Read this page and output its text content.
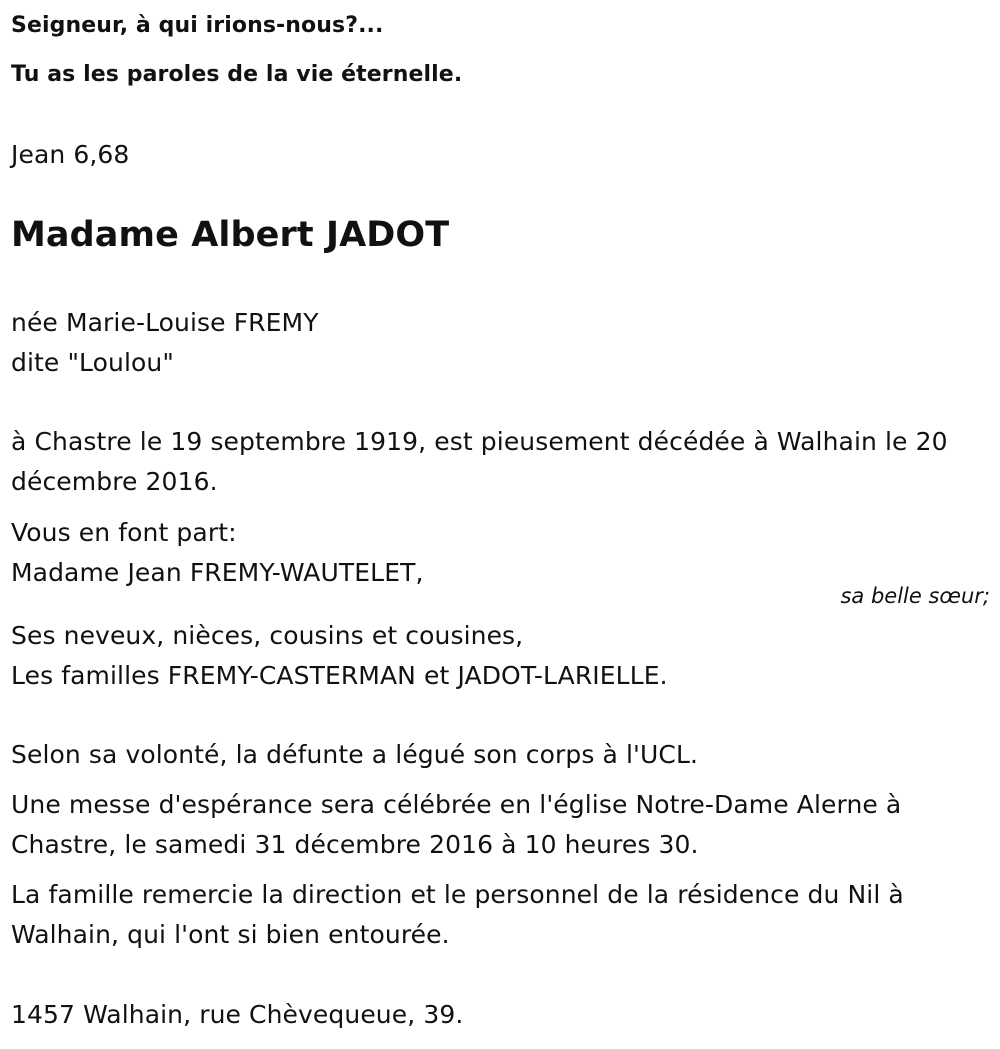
Seigneur, à qui irions-nous?...
Tu as les paroles de la vie éternelle.
Jean 6,68
Madame Albert JADOT
née Marie-Louise FREMY
dite "Loulou"
à Chastre le 19 septembre 1919, est pieusement décédée à Walhain le 20
décembre 2016.
Vous en font part:
Madame Jean FREMY-WAUTELET,
sa belle sœur;
Ses neveux, nièces, cousins et cousines,
Les familles FREMY-CASTERMAN et JADOT-LARIELLE.
Selon sa volonté, la défunte a légué son corps à l'UCL.
Une messe d'espérance sera célébrée en l'église Notre-Dame Alerne à
Chastre, le samedi 31 décembre 2016 à 10 heures 30.
La famille remercie la direction et le personnel de la résidence du Nil à
Walhain, qui l'ont si bien entourée.
1457 Walhain, rue Chèvequeue, 39.
